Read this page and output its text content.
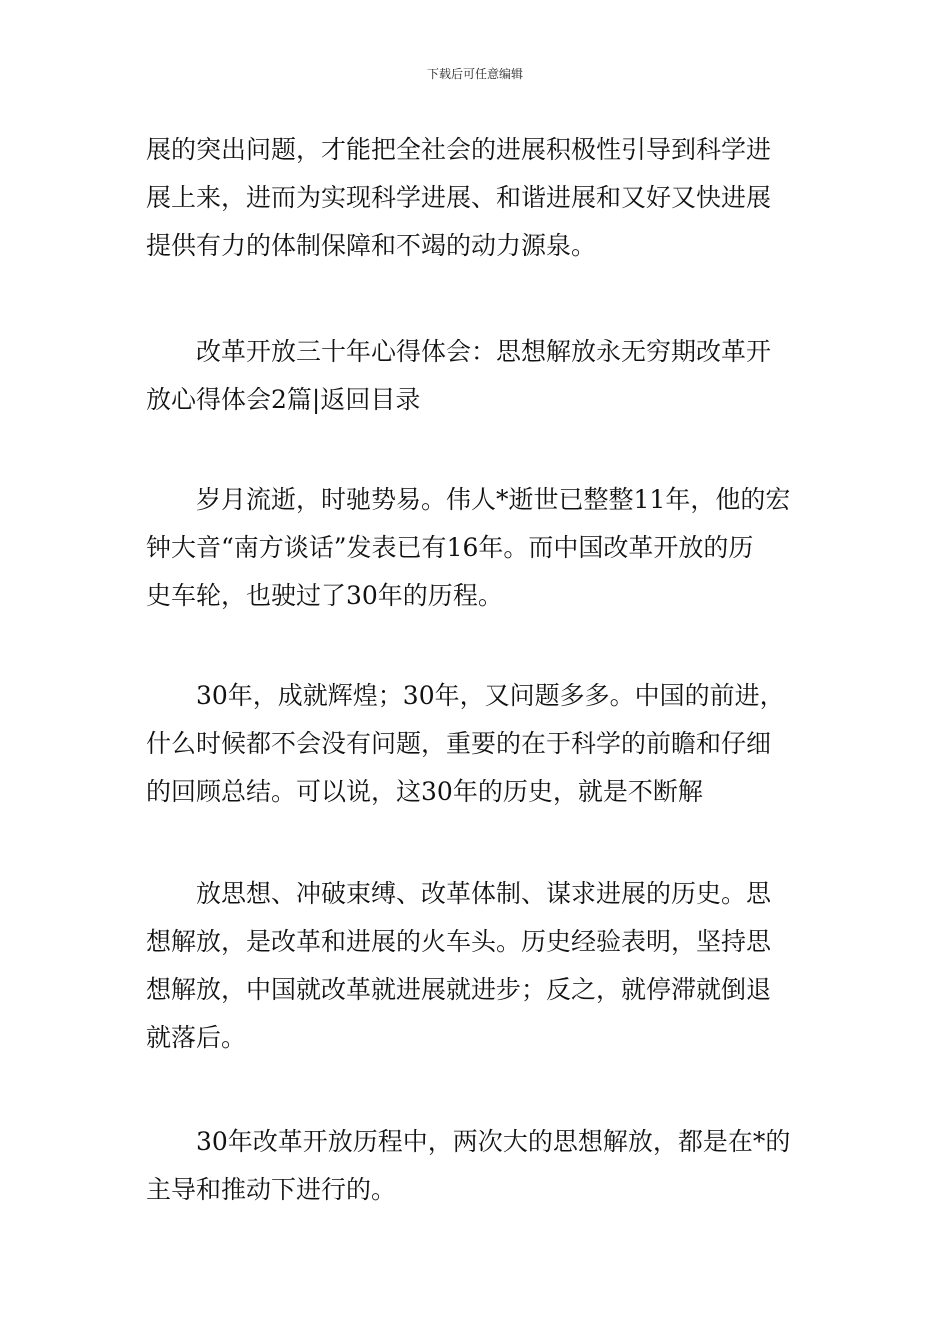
下载后可任意编辑
展的突出问题，才能把全社会的进展积极性引导到科学进
展上来，进而为实现科学进展、和谐进展和又好又快进展
提供有力的体制保障和不竭的动力源泉。
改革开放三十年心得体会：思想解放永无穷期改革开
放心得体会2篇|返回目录
岁月流逝，时驰势易。伟人*逝世已整整11年，他的宏
钟大音“南方谈话”发表已有16年。而中国改革开放的历
史车轮，也驶过了30年的历程。
30年，成就辉煌；30年，又问题多多。中国的前进，
什么时候都不会没有问题，重要的在于科学的前瞻和仔细
的回顾总结。可以说，这30年的历史，就是不断解
放思想、冲破束缚、改革体制、谋求进展的历史。思
想解放，是改革和进展的火车头。历史经验表明，坚持思
想解放，中国就改革就进展就进步；反之，就停滞就倒退
就落后。
30年改革开放历程中，两次大的思想解放，都是在*的
主导和推动下进行的。
